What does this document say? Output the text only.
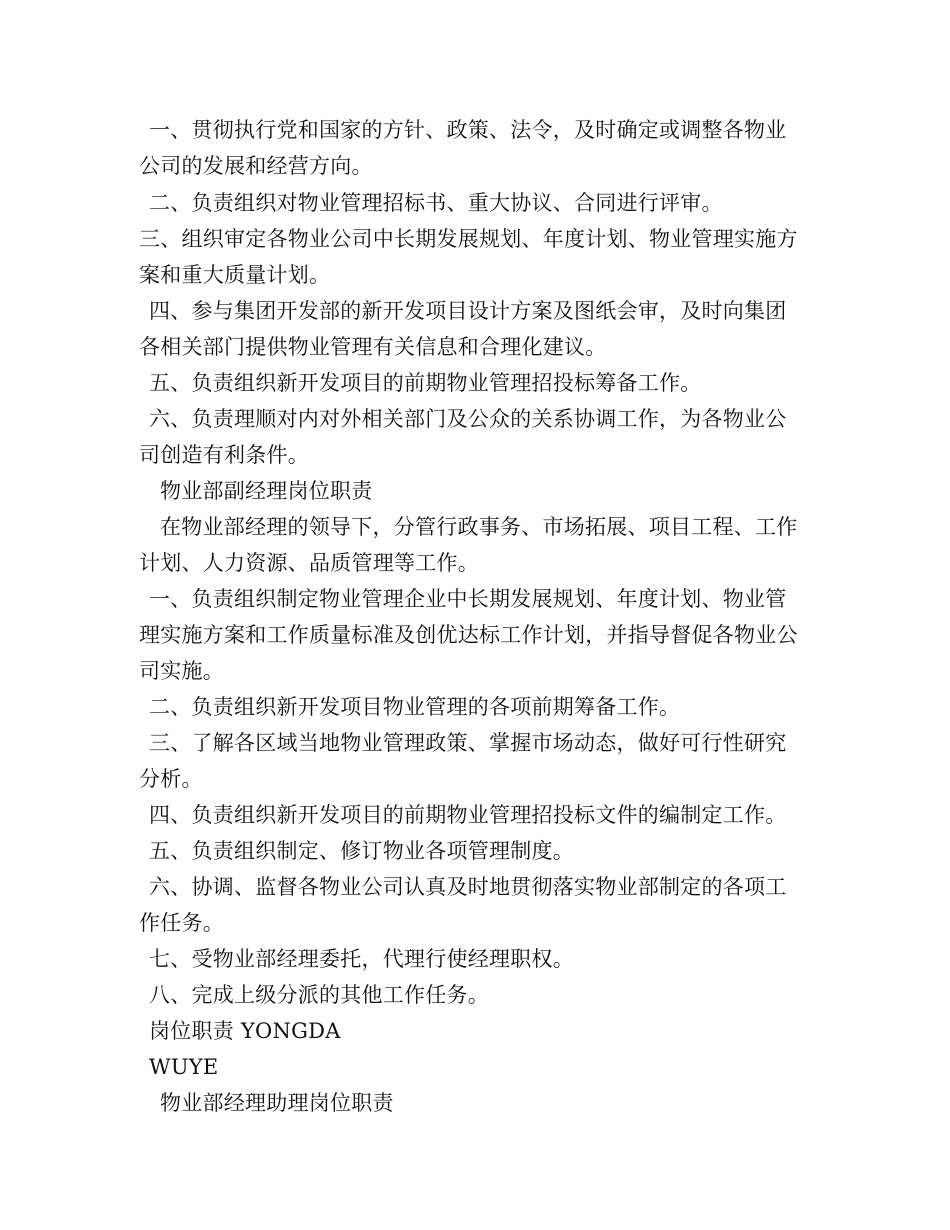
一、贯彻执行党和国家的方针、政策、法令，及时确定或调整各物业
公司的发展和经营方向。
二、负责组织对物业管理招标书、重大协议、合同进行评审。
三、组织审定各物业公司中长期发展规划、年度计划、物业管理实施方
案和重大质量计划。
四、参与集团开发部的新开发项目设计方案及图纸会审，及时向集团
各相关部门提供物业管理有关信息和合理化建议。
五、负责组织新开发项目的前期物业管理招投标筹备工作。
六、负责理顺对内对外相关部门及公众的关系协调工作，为各物业公
司创造有利条件。
物业部副经理岗位职责
在物业部经理的领导下，分管行政事务、市场拓展、项目工程、工作
计划、人力资源、品质管理等工作。
一、负责组织制定物业管理企业中长期发展规划、年度计划、物业管
理实施方案和工作质量标准及创优达标工作计划，并指导督促各物业公
司实施。
二、负责组织新开发项目物业管理的各项前期筹备工作。
三、了解各区域当地物业管理政策、掌握市场动态，做好可行性研究
分析。
四、负责组织新开发项目的前期物业管理招投标文件的编制定工作。
五、负责组织制定、修订物业各项管理制度。
六、协调、监督各物业公司认真及时地贯彻落实物业部制定的各项工
作任务。
七、受物业部经理委托，代理行使经理职权。
八、完成上级分派的其他工作任务。
岗位职责 YONGDA
WUYE
物业部经理助理岗位职责
